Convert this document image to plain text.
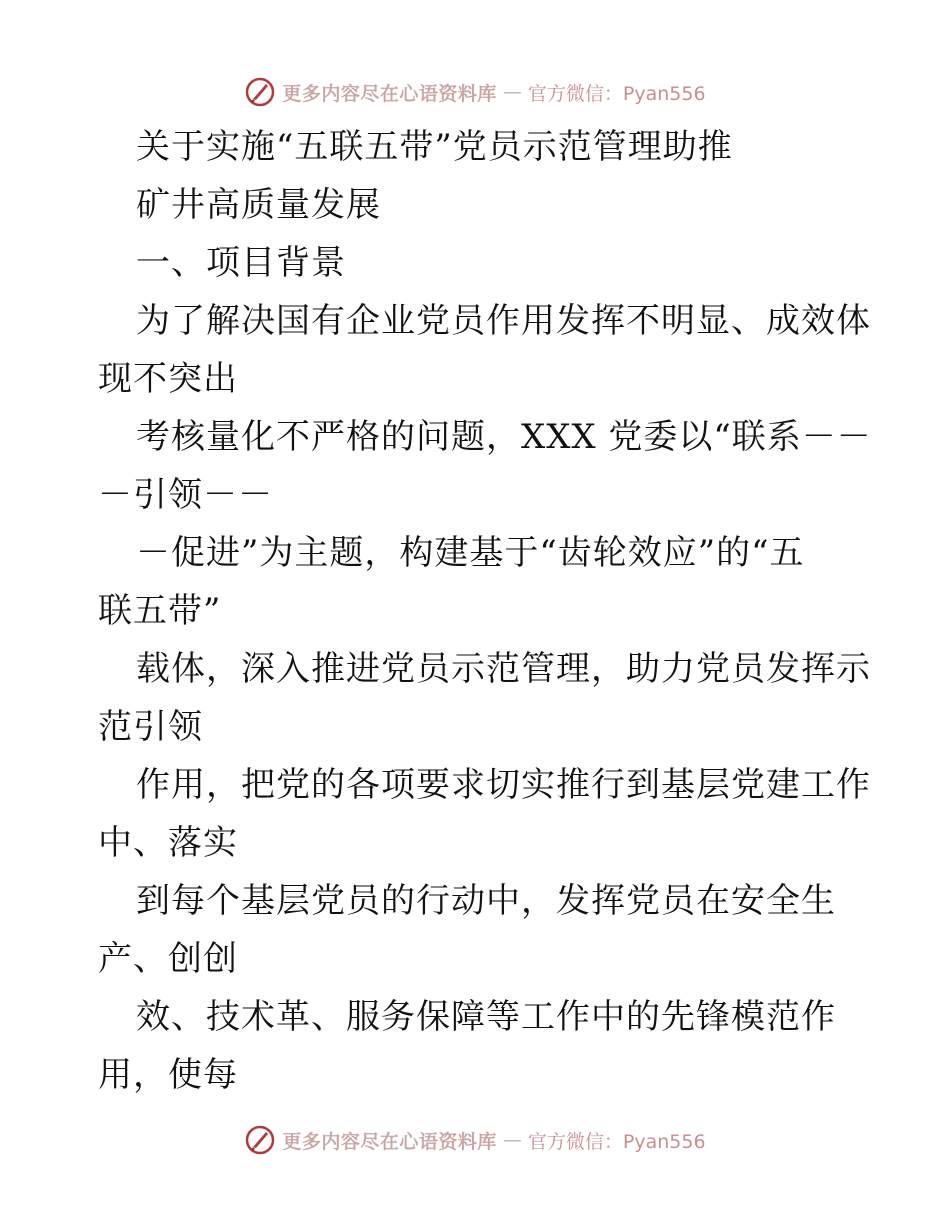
更多内容尽在心语资料库 — 官方微信：Pyan556
关于实施“五联五带”党员示范管理助推
矿井高质量发展
一、项目背景
为了解决国有企业党员作用发挥不明显、成效体
现不突出
考核量化不严格的问题，XXX 党委以“联系－－
－引领－－
－促进”为主题，构建基于“齿轮效应”的“五
联五带”
载体，深入推进党员示范管理，助力党员发挥示
范引领
作用，把党的各项要求切实推行到基层党建工作
中、落实
到每个基层党员的行动中，发挥党员在安全生
产、创创
效、技术革、服务保障等工作中的先锋模范作
用，使每
更多内容尽在心语资料库 — 官方微信：Pyan556
